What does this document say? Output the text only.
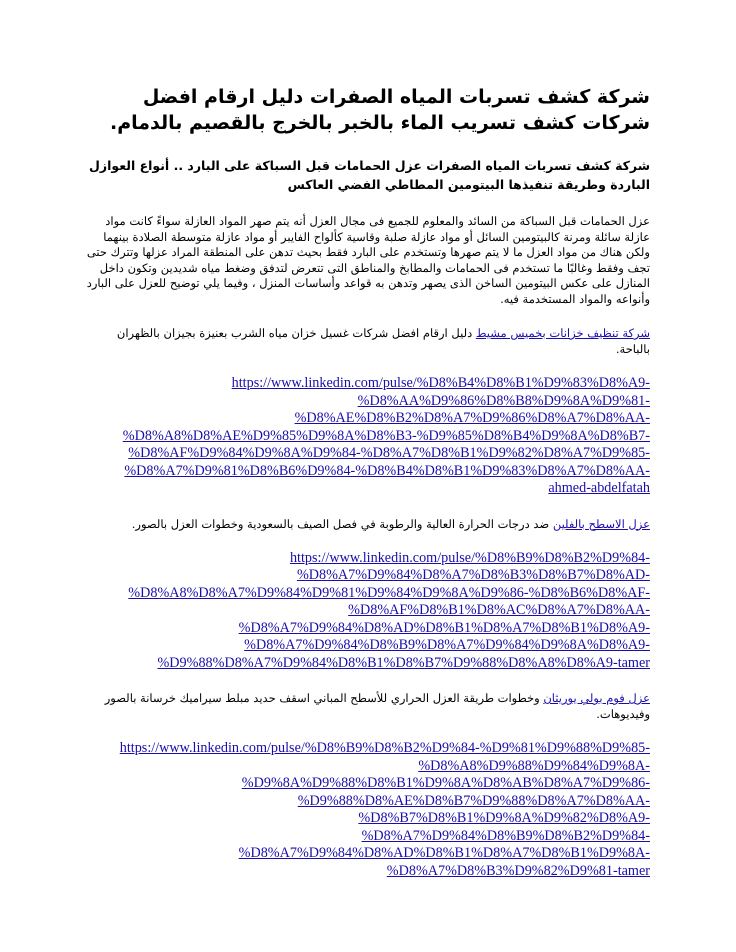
شركة كشف تسربات المياه الصفرات دليل ارقام افضل شركات كشف تسريب الماء بالخبر بالخرج بالقصيم بالدمام.
شركة كشف تسربات المياه الصفرات عزل الحمامات قبل السباكة على البارد .. أنواع العوازل الباردة وطريقة تنفيذها البيتومين المطاطي الفضي العاكس

عزل الحمامات قبل السباكة من السائد والمعلوم للجميع فى مجال العزل أنه يتم صهر المواد العازلة سواءً كانت مواد عازلة سائلة ومرنة كالبيتومين السائل أو مواد عازلة صلبة وقاسية كألواح الفايبر أو مواد عازلة متوسطة الصلادة بينهما ولكن هناك من مواد العزل ما لا يتم صهرها وتستخدم على البارد فقط بحيث تدهن على المنطقة المراد عزلها وتترك حتى تجف وفقط وغالبًا ما تستخدم فى الحمامات والمطابخ والمناطق التى تتعرض لتدفق وضغط مياه شديدين وتكون داخل المنازل على عكس البيتومين الساخن الذى يصهر وتدهن به قواعد وأساسات المنزل ، وفيما يلي توضيح للعزل على البارد وأنواعه والمواد المستخدمة فيه.

شركة تنظيف خزانات بخميس مشيط دليل ارقام افضل شركات غسيل خزان مياه الشرب بعنيزة بجيزان بالظهران بالباحة.

https://www.linkedin.com/pulse/%D8%B4%D8%B1%D9%83%D8%A9-
%D8%AA%D9%86%D8%B8%D9%8A%D9%81-
%D8%AE%D8%B2%D8%A7%D9%86%D8%A7%D8%AA-
%D8%A8%D8%AE%D9%85%D9%8A%D8%B3-%D9%85%D8%B4%D9%8A%D8%B7-
%D8%AF%D9%84%D9%8A%D9%84-%D8%A7%D8%B1%D9%82%D8%A7%D9%85-
%D8%A7%D9%81%D8%B6%D9%84-%D8%B4%D8%B1%D9%83%D8%A7%D8%AA-
ahmed-abdelfatah

عزل الاسطح بالفلين ضد درجات الحرارة العالية والرطوبة في فصل الصيف بالسعودية وخطوات العزل بالصور.

https://www.linkedin.com/pulse/%D8%B9%D8%B2%D9%84-
%D8%A7%D9%84%D8%A7%D8%B3%D8%B7%D8%AD-
%D8%A8%D8%A7%D9%84%D9%81%D9%84%D9%8A%D9%86-%D8%B6%D8%AF-
%D8%AF%D8%B1%D8%AC%D8%A7%D8%AA-
%D8%A7%D9%84%D8%AD%D8%B1%D8%A7%D8%B1%D8%A9-
%D8%A7%D9%84%D8%B9%D8%A7%D9%84%D9%8A%D8%A9-
%D9%88%D8%A7%D9%84%D8%B1%D8%B7%D9%88%D8%A8%D8%A9-tamer

عزل فوم بولي يوريثان وخطوات طريقة العزل الحراري للأسطح المباني اسقف حديد مبلط سيراميك خرسانة بالصور وفيديوهات.

https://www.linkedin.com/pulse/%D8%B9%D8%B2%D9%84-%D9%81%D9%88%D9%85-
%D8%A8%D9%88%D9%84%D9%8A-
%D9%8A%D9%88%D8%B1%D9%8A%D8%AB%D8%A7%D9%86-
%D9%88%D8%AE%D8%B7%D9%88%D8%A7%D8%AA-
%D8%B7%D8%B1%D9%8A%D9%82%D8%A9-
%D8%A7%D9%84%D8%B9%D8%B2%D9%84-
%D8%A7%D9%84%D8%AD%D8%B1%D8%A7%D8%B1%D9%8A-
%D8%A7%D8%B3%D9%82%D9%81-tamer
